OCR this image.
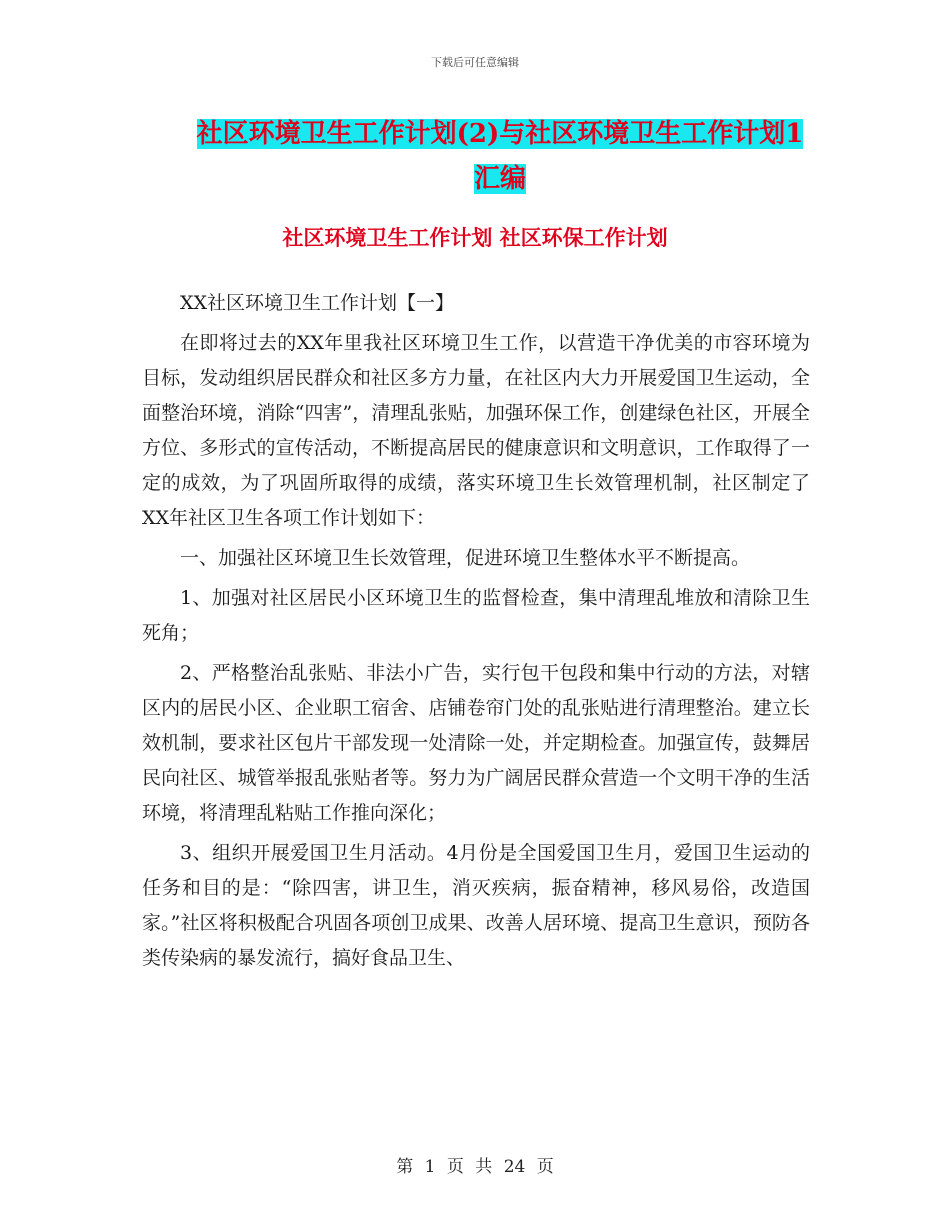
下载后可任意编辑
社区环境卫生工作计划(2)与社区环境卫生工作计划1汇编
社区环境卫生工作计划 社区环保工作计划

XX社区环境卫生工作计划【一】

在即将过去的XX年里我社区环境卫生工作，以营造干净优美的市容环境为目标，发动组织居民群众和社区多方力量，在社区内大力开展爱国卫生运动，全面整治环境，消除“四害”，清理乱张贴，加强环保工作，创建绿色社区，开展全方位、多形式的宣传活动，不断提高居民的健康意识和文明意识，工作取得了一定的成效，为了巩固所取得的成绩，落实环境卫生长效管理机制，社区制定了XX年社区卫生各项工作计划如下：

一、加强社区环境卫生长效管理，促进环境卫生整体水平不断提高。

1、加强对社区居民小区环境卫生的监督检查，集中清理乱堆放和清除卫生死角；

2、严格整治乱张贴、非法小广告，实行包干包段和集中行动的方法，对辖区内的居民小区、企业职工宿舍、店铺卷帘门处的乱张贴进行清理整治。建立长效机制，要求社区包片干部发现一处清除一处，并定期检查。加强宣传，鼓舞居民向社区、城管举报乱张贴者等。努力为广阔居民群众营造一个文明干净的生活环境，将清理乱粘贴工作推向深化；

3、组织开展爱国卫生月活动。4月份是全国爱国卫生月，爱国卫生运动的任务和目的是：“除四害，讲卫生，消灭疾病，振奋精神，移风易俗，改造国家。”社区将积极配合巩固各项创卫成果、改善人居环境、提高卫生意识，预防各类传染病的暴发流行，搞好食品卫生、

第 1 页 共 24 页
